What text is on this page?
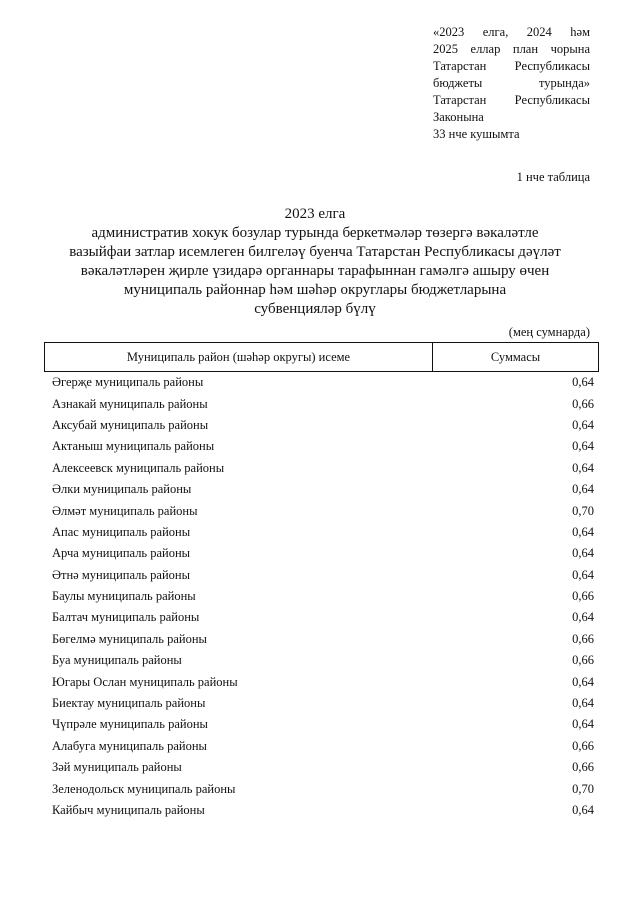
«2023 елга, 2024 һәм
2025 еллар план чорына
Татарстан Республикасы
бюджеты турында»
Татарстан Республикасы
Законына
33 нче кушымта
1 нче таблица
2023 елга
административ хокук бозулар турында беркетмәләр төзергә вәкаләтле
вазыйфаи затлар исемлеген билгеләү буенча Татарстан Республикасы дәүләт
вәкаләтләрен җирле үзидарә органнары тарафыннан гамәлгә ашыру өчен
муниципаль районнар һәм шәһәр округлары бюджетларына
субвенцияләр бүлү
(мең сумнарда)
Муниципаль район (шәһәр округы) исеме	Суммасы
Әгерҗе муниципаль районы	0,64
Азнакай муниципаль районы	0,66
Аксубай муниципаль районы	0,64
Актаныш муниципаль районы	0,64
Алексеевск муниципаль районы	0,64
Әлки муниципаль районы	0,64
Әлмәт муниципаль районы	0,70
Апас муниципаль районы	0,64
Арча муниципаль районы	0,64
Әтнә муниципаль районы	0,64
Баулы муниципаль районы	0,66
Балтач муниципаль районы	0,64
Бөгелмә муниципаль районы	0,66
Буа муниципаль районы	0,66
Югары Ослан муниципаль районы	0,64
Биектау муниципаль районы	0,64
Чүпрәле муниципаль районы	0,64
Алабуга муниципаль районы	0,66
Зәй муниципаль районы	0,66
Зеленодольск муниципаль районы	0,70
Кайбыч муниципаль районы	0,64
